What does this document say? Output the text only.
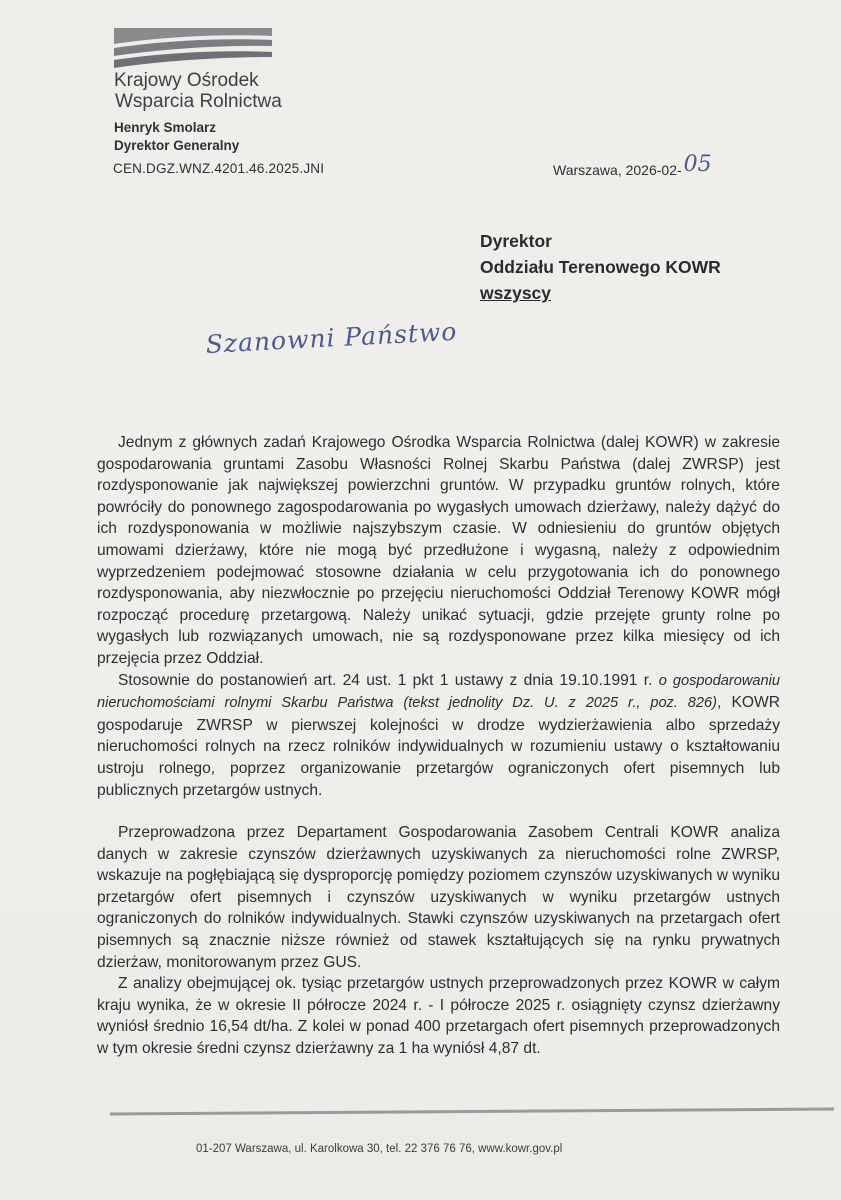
Krajowy Ośrodek
Wsparcia Rolnictwa
Henryk Smolarz
Dyrektor Generalny
CEN.DGZ.WNZ.4201.46.2025.JNI	Warszawa, 2026-02-05
Dyrektor
Oddziału Terenowego KOWR
wszyscy
Szanowni Państwo

Jednym z głównych zadań Krajowego Ośrodka Wsparcia Rolnictwa (dalej KOWR) w zakresie gospodarowania gruntami Zasobu Własności Rolnej Skarbu Państwa (dalej ZWRSP) jest rozdysponowanie jak największej powierzchni gruntów. W przypadku gruntów rolnych, które powróciły do ponownego zagospodarowania po wygasłych umowach dzierżawy, należy dążyć do ich rozdysponowania w możliwie najszybszym czasie. W odniesieniu do gruntów objętych umowami dzierżawy, które nie mogą być przedłużone i wygasną, należy z odpowiednim wyprzedzeniem podejmować stosowne działania w celu przygotowania ich do ponownego rozdysponowania, aby niezwłocznie po przejęciu nieruchomości Oddział Terenowy KOWR mógł rozpocząć procedurę przetargową. Należy unikać sytuacji, gdzie przejęte grunty rolne po wygasłych lub rozwiązanych umowach, nie są rozdysponowane przez kilka miesięcy od ich przejęcia przez Oddział.

Stosownie do postanowień art. 24 ust. 1 pkt 1 ustawy z dnia 19.10.1991 r. o gospodarowaniu nieruchomościami rolnymi Skarbu Państwa (tekst jednolity Dz. U. z 2025 r., poz. 826), KOWR gospodaruje ZWRSP w pierwszej kolejności w drodze wydzierżawienia albo sprzedaży nieruchomości rolnych na rzecz rolników indywidualnych w rozumieniu ustawy o kształtowaniu ustroju rolnego, poprzez organizowanie przetargów ograniczonych ofert pisemnych lub publicznych przetargów ustnych.

Przeprowadzona przez Departament Gospodarowania Zasobem Centrali KOWR analiza danych w zakresie czynszów dzierżawnych uzyskiwanych za nieruchomości rolne ZWRSP, wskazuje na pogłębiającą się dysproporcję pomiędzy poziomem czynszów uzyskiwanych w wyniku przetargów ofert pisemnych i czynszów uzyskiwanych w wyniku przetargów ustnych ograniczonych do rolników indywidualnych. Stawki czynszów uzyskiwanych na przetargach ofert pisemnych są znacznie niższe również od stawek kształtujących się na rynku prywatnych dzierżaw, monitorowanym przez GUS.

Z analizy obejmującej ok. tysiąc przetargów ustnych przeprowadzonych przez KOWR w całym kraju wynika, że w okresie II półrocze 2024 r. - I półrocze 2025 r. osiągnięty czynsz dzierżawny wyniósł średnio 16,54 dt/ha. Z kolei w ponad 400 przetargach ofert pisemnych przeprowadzonych w tym okresie średni czynsz dzierżawny za 1 ha wyniósł 4,87 dt.

01-207 Warszawa, ul. Karolkowa 30, tel. 22 376 76 76, www.kowr.gov.pl
